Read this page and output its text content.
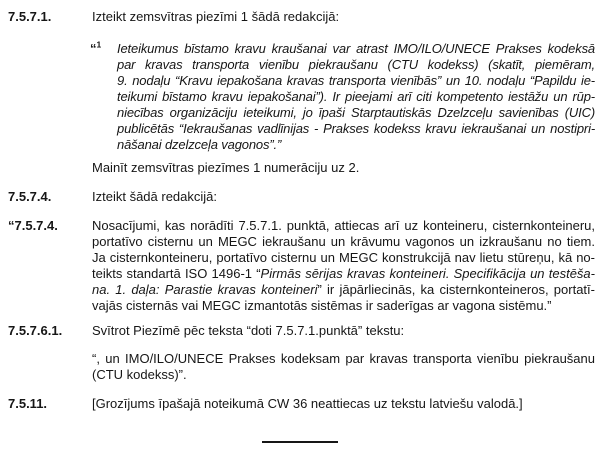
7.5.7.1.	Izteikt zemsvītras piezīmi 1 šādā redakcijā:
“$^1$ Ieteikumus bīstamo kravu kraušanai var atrast IMO/ILO/UNECE Prakses kodeksā
par kravas transporta vienību piekraušanu (CTU kodekss) (skatīt, piemēram,
9. nodaļu “Kravu iepakošana kravas transporta vienībās” un 10. nodaļu “Papildu ie-
teikumi bīstamo kravu iepakošanai”). Ir pieejami arī citi kompetento iestāžu un rūp-
niecības organizāciju ieteikumi, jo īpaši Starptautiskās Dzelzceļu savienības (UIC)
publicētās “Iekraušanas vadlīnijas - Prakses kodekss kravu iekraušanai un nostipri-
nāšanai dzelzceļa vagonos”.”
Mainīt zemsvītras piezīmes 1 numerāciju uz 2.
7.5.7.4.	Izteikt šādā redakcijā:
“7.5.7.4.	Nosacījumi, kas norādīti 7.5.7.1. punktā, attiecas arī uz konteineru, cisternkonteineru,
portatīvo cisternu un MEGC iekraušanu un krāvumu vagonos un izkraušanu no tiem.
Ja cisternkonteineru, portatīvo cisternu un MEGC konstrukcijā nav lietu stūreņu, kā no-
teikts standartā ISO 1496-1 “Pirmās sērijas kravas konteineri. Specifikācija un testēša-
na. 1. daļa: Parastie kravas konteineri” ir jāpārliecinās, ka cisternkonteineros, portatī-
vajās cisternās vai MEGC izmantotās sistēmas ir saderīgas ar vagona sistēmu.”
7.5.7.6.1.	Svītrot Piezīmē pēc teksta “doti 7.5.7.1.punktā” tekstu:
“, un IMO/ILO/UNECE Prakses kodeksam par kravas transporta vienību piekraušanu
(CTU kodekss)”.
7.5.11.	[Grozījums īpašajā noteikumā CW 36 neattiecas uz tekstu latviešu valodā.]
